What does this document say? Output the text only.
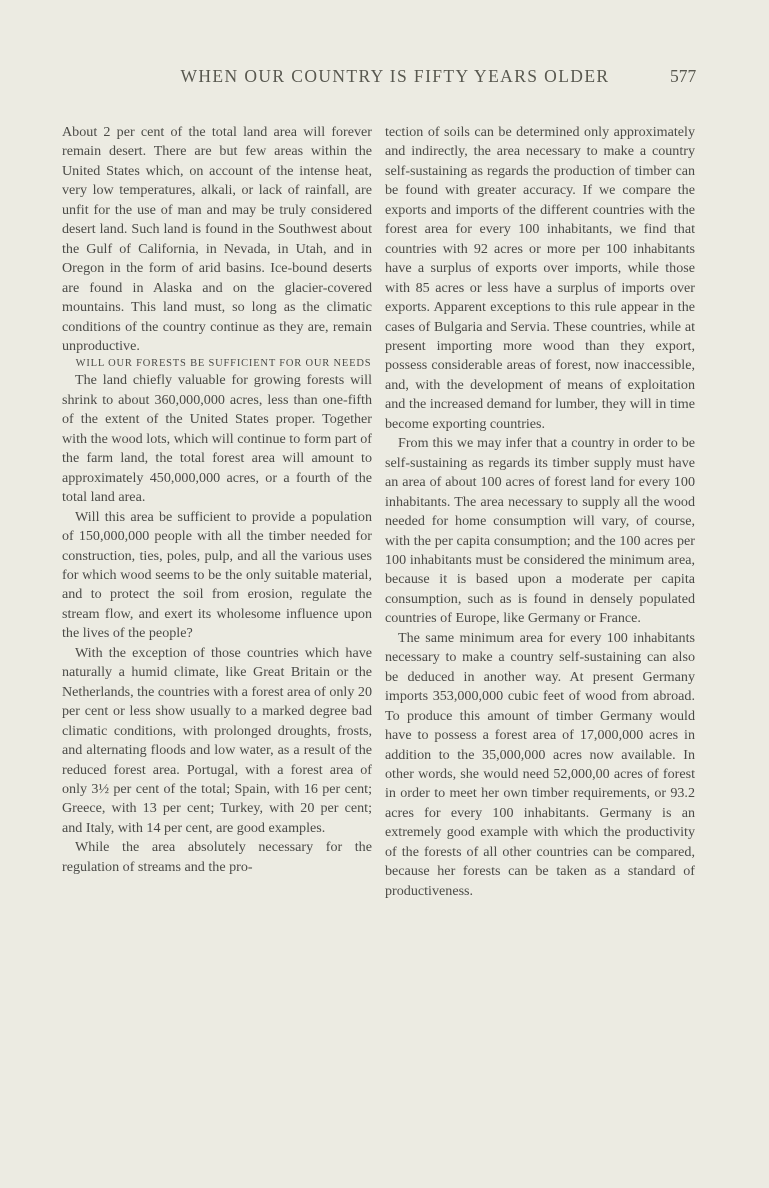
WHEN OUR COUNTRY IS FIFTY YEARS OLDER	577

About 2 per cent of the total land area will forever remain desert. There are but few areas within the United States which, on account of the intense heat, very low temperatures, alkali, or lack of rainfall, are unfit for the use of man and may be truly considered desert land. Such land is found in the Southwest about the Gulf of California, in Nevada, in Utah, and in Oregon in the form of arid basins. Ice-bound deserts are found in Alaska and on the glacier-covered mountains. This land must, so long as the climatic conditions of the country continue as they are, remain unproductive.

WILL OUR FORESTS BE SUFFICIENT FOR OUR NEEDS

The land chiefly valuable for growing forests will shrink to about 360,000,000 acres, less than one-fifth of the extent of the United States proper. Together with the wood lots, which will continue to form part of the farm land, the total forest area will amount to approximately 450,000,000 acres, or a fourth of the total land area.

Will this area be sufficient to provide a population of 150,000,000 people with all the timber needed for construction, ties, poles, pulp, and all the various uses for which wood seems to be the only suitable material, and to protect the soil from erosion, regulate the stream flow, and exert its wholesome influence upon the lives of the people?

With the exception of those countries which have naturally a humid climate, like Great Britain or the Netherlands, the countries with a forest area of only 20 per cent or less show usually to a marked degree bad climatic conditions, with prolonged droughts, frosts, and alternating floods and low water, as a result of the reduced forest area. Portugal, with a forest area of only 3½ per cent of the total; Spain, with 16 per cent; Greece, with 13 per cent; Turkey, with 20 per cent; and Italy, with 14 per cent, are good examples.

While the area absolutely necessary for the regulation of streams and the pro-

tection of soils can be determined only approximately and indirectly, the area necessary to make a country self-sustaining as regards the production of timber can be found with greater accuracy. If we compare the exports and imports of the different countries with the forest area for every 100 inhabitants, we find that countries with 92 acres or more per 100 inhabitants have a surplus of exports over imports, while those with 85 acres or less have a surplus of imports over exports. Apparent exceptions to this rule appear in the cases of Bulgaria and Servia. These countries, while at present importing more wood than they export, possess considerable areas of forest, now inaccessible, and, with the development of means of exploitation and the increased demand for lumber, they will in time become exporting countries.

From this we may infer that a country in order to be self-sustaining as regards its timber supply must have an area of about 100 acres of forest land for every 100 inhabitants. The area necessary to supply all the wood needed for home consumption will vary, of course, with the per capita consumption; and the 100 acres per 100 inhabitants must be considered the minimum area, because it is based upon a moderate per capita consumption, such as is found in densely populated countries of Europe, like Germany or France.

The same minimum area for every 100 inhabitants necessary to make a country self-sustaining can also be deduced in another way. At present Germany imports 353,000,000 cubic feet of wood from abroad. To produce this amount of timber Germany would have to possess a forest area of 17,000,000 acres in addition to the 35,000,000 acres now available. In other words, she would need 52,000,00 acres of forest in order to meet her own timber requirements, or 93.2 acres for every 100 inhabitants. Germany is an extremely good example with which the productivity of the forests of all other countries can be compared, because her forests can be taken as a standard of productiveness.
